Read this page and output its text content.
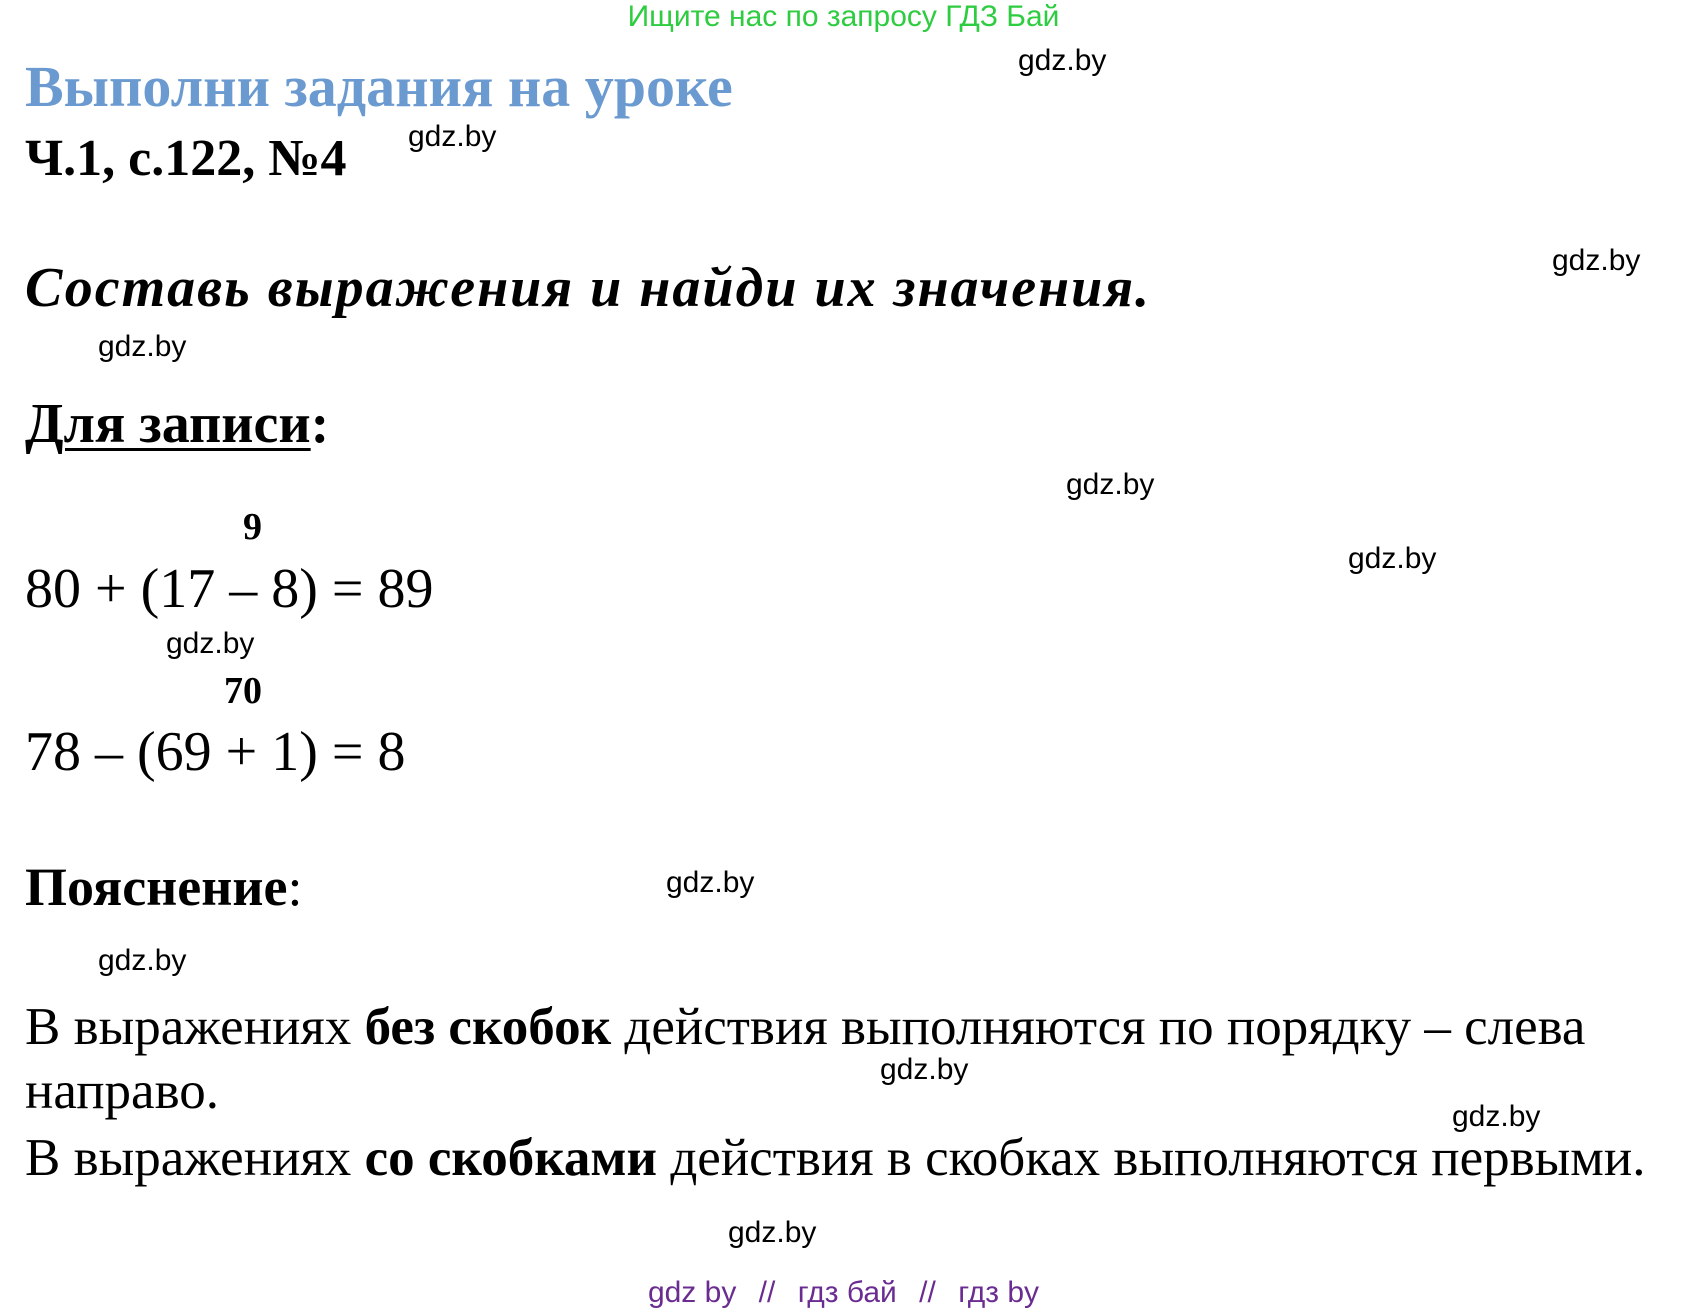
Ищите нас по запросу ГДЗ Бай
gdz.by
gdz.by
gdz.by
gdz.by
gdz.by
gdz.by
gdz.by
gdz.by
gdz.by
gdz.by
gdz.by
gdz.by
Выполни задания на уроке
Ч.1, с.122, №4
Составь выражения и найди их значения.
Для записи:
9
80 + (17 – 8) = 89
70
78 – (69 + 1) = 8
Пояснение:
В выражениях без скобок действия выполняются по порядку – слева направо.
В выражениях со скобками действия в скобках выполняются первыми.
gdz by // гдз бай // гдз by
